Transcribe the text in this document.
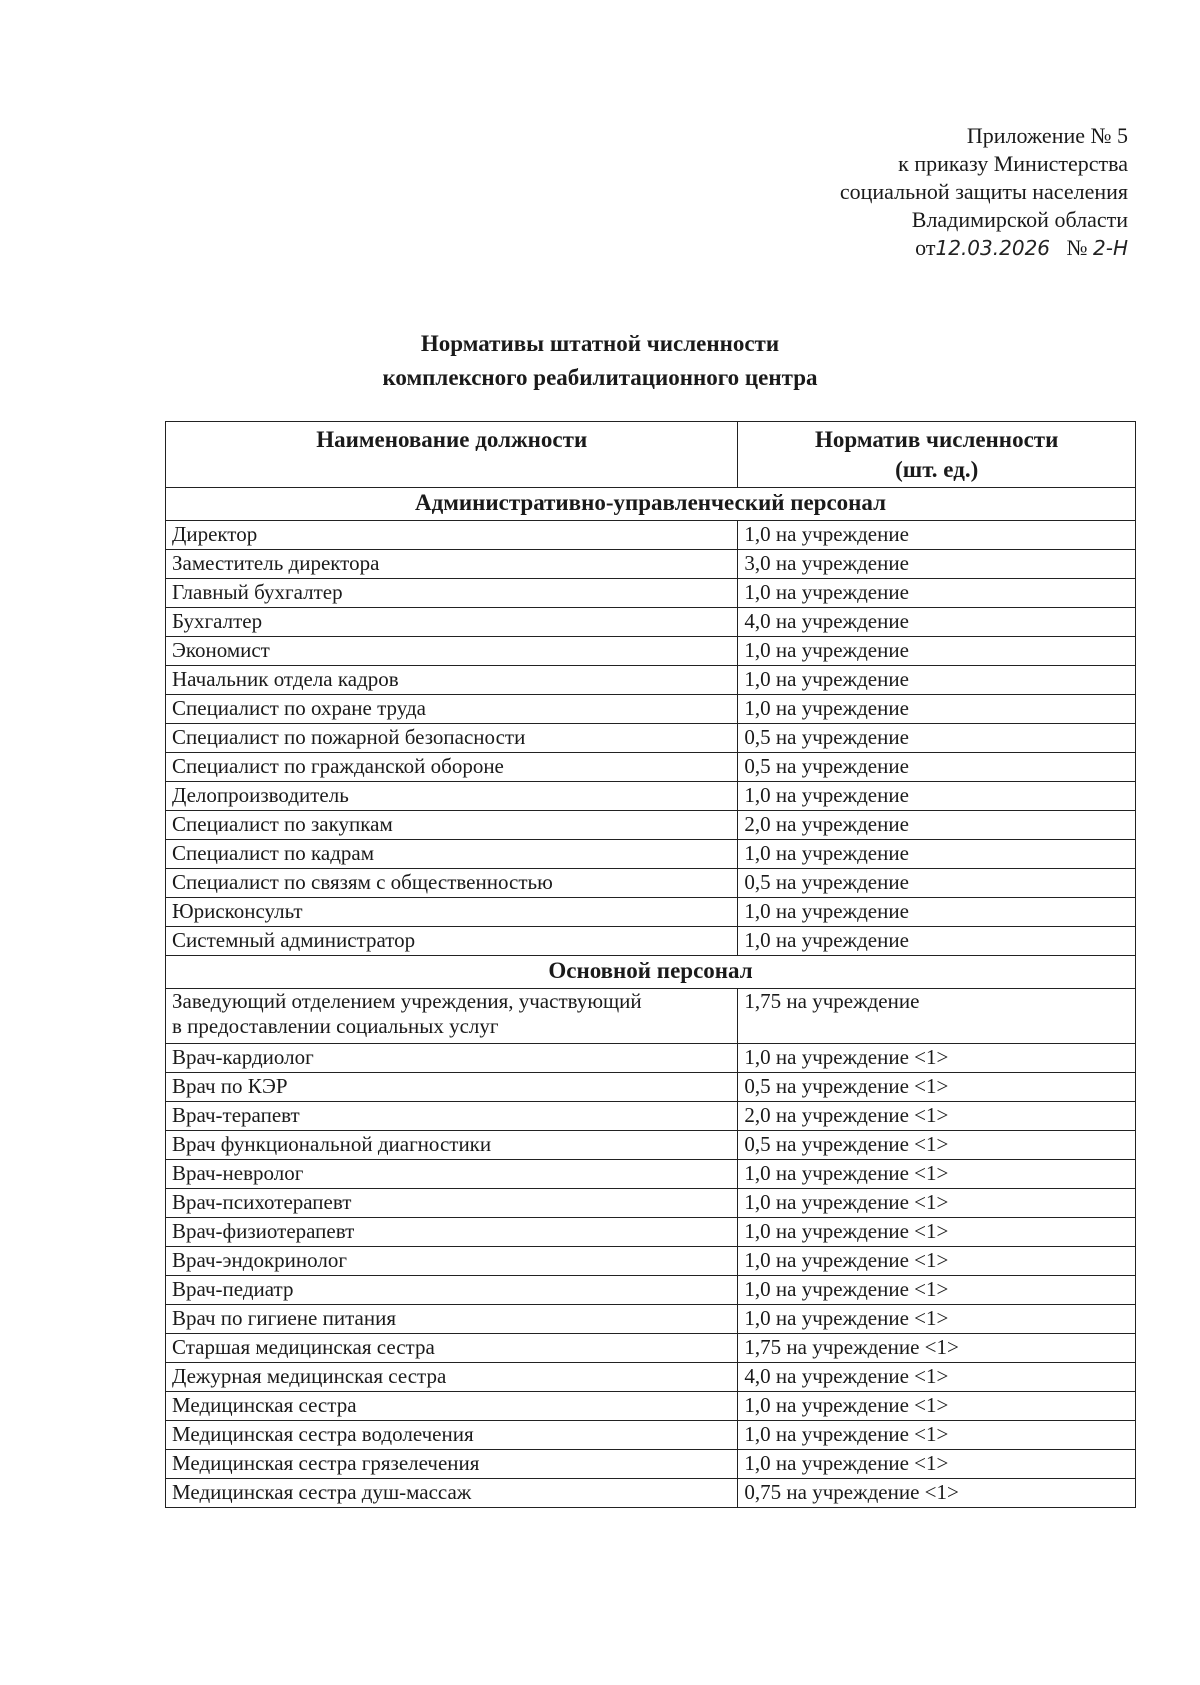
Приложение № 5
к приказу Министерства
социальной защиты населения
Владимирской области
от12.03.2026 № 2-Н
Нормативы штатной численности
комплексного реабилитационного центра
Наименование должности	Норматив численности
(шт. ед.)
Административно-управленческий персонал	
Директор	1,0 на учреждение
Заместитель директора	3,0 на учреждение
Главный бухгалтер	1,0 на учреждение
Бухгалтер	4,0 на учреждение
Экономист	1,0 на учреждение
Начальник отдела кадров	1,0 на учреждение
Специалист по охране труда	1,0 на учреждение
Специалист по пожарной безопасности	0,5 на учреждение
Специалист по гражданской обороне	0,5 на учреждение
Делопроизводитель	1,0 на учреждение
Специалист по закупкам	2,0 на учреждение
Специалист по кадрам	1,0 на учреждение
Специалист по связям с общественностью	0,5 на учреждение
Юрисконсульт	1,0 на учреждение
Системный администратор	1,0 на учреждение
Основной персонал	

Заведующий отделением учреждения, участвующий
в предоставлении социальных услуг	1,75 на учреждение
Врач-кардиолог	1,0 на учреждение <1>
Врач по КЭР	0,5 на учреждение <1>
Врач-терапевт	2,0 на учреждение <1>
Врач функциональной диагностики	0,5 на учреждение <1>
Врач-невролог	1,0 на учреждение <1>
Врач-психотерапевт	1,0 на учреждение <1>
Врач-физиотерапевт	1,0 на учреждение <1>
Врач-эндокринолог	1,0 на учреждение <1>
Врач-педиатр	1,0 на учреждение <1>
Врач по гигиене питания	1,0 на учреждение <1>
Старшая медицинская сестра	1,75 на учреждение <1>
Дежурная медицинская сестра	4,0 на учреждение <1>
Медицинская сестра	1,0 на учреждение <1>
Медицинская сестра водолечения	1,0 на учреждение <1>
Медицинская сестра грязелечения	1,0 на учреждение <1>
Медицинская сестра душ-массаж	0,75 на учреждение <1>
